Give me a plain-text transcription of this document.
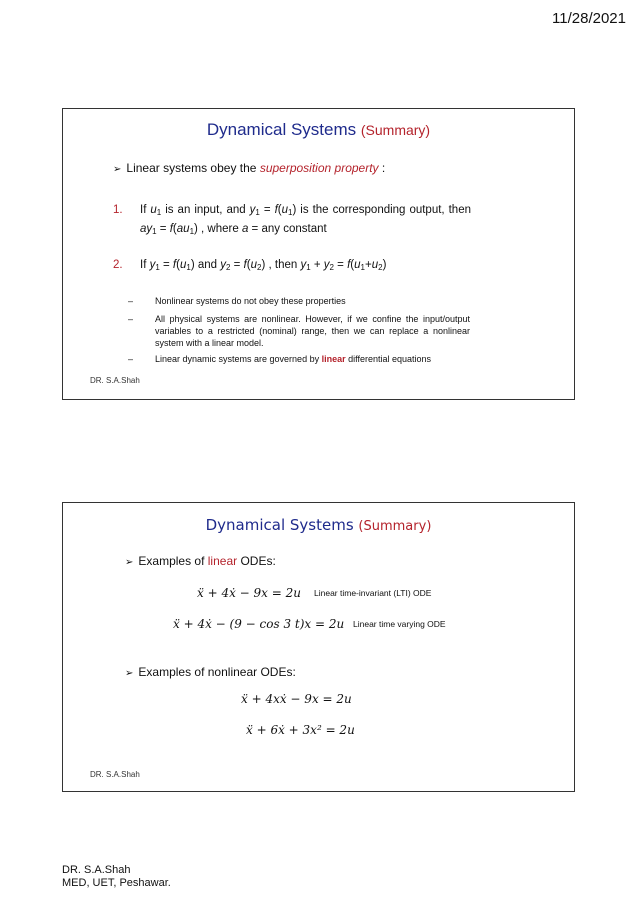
11/28/2021
Dynamical Systems (Summary)
➢ Linear systems obey the superposition property :
1. If $u_1$ is an input, and $y_1 = f(u_1)$ is the corresponding output, then $ay_1 = f(au_1)$ , where a = any constant
2. If $y_1 = f(u_1)$ and $y_2 = f(u_2)$ , then $y_1 + y_2 = f(u_1+u_2)$
– Nonlinear systems do not obey these properties
– All physical systems are nonlinear. However, if we confine the input/output variables to a restricted (nominal) range, then we can replace a nonlinear system with a linear model.
– Linear dynamic systems are governed by linear differential equations
DR. S.A.Shah
Dynamical Systems (Summary)
➢ Examples of linear ODEs:
ẍ + 4ẋ − 9x = 2u Linear time-invariant (LTI) ODE
ẍ + 4ẋ − (9 − cos 3 t)x = 2u Linear time varying ODE
➢ Examples of nonlinear ODEs:
ẍ + 4xẋ − 9x = 2u
ẍ + 6ẋ + 3x² = 2u
DR. S.A.Shah
DR. S.A.Shah
MED, UET, Peshawar.
